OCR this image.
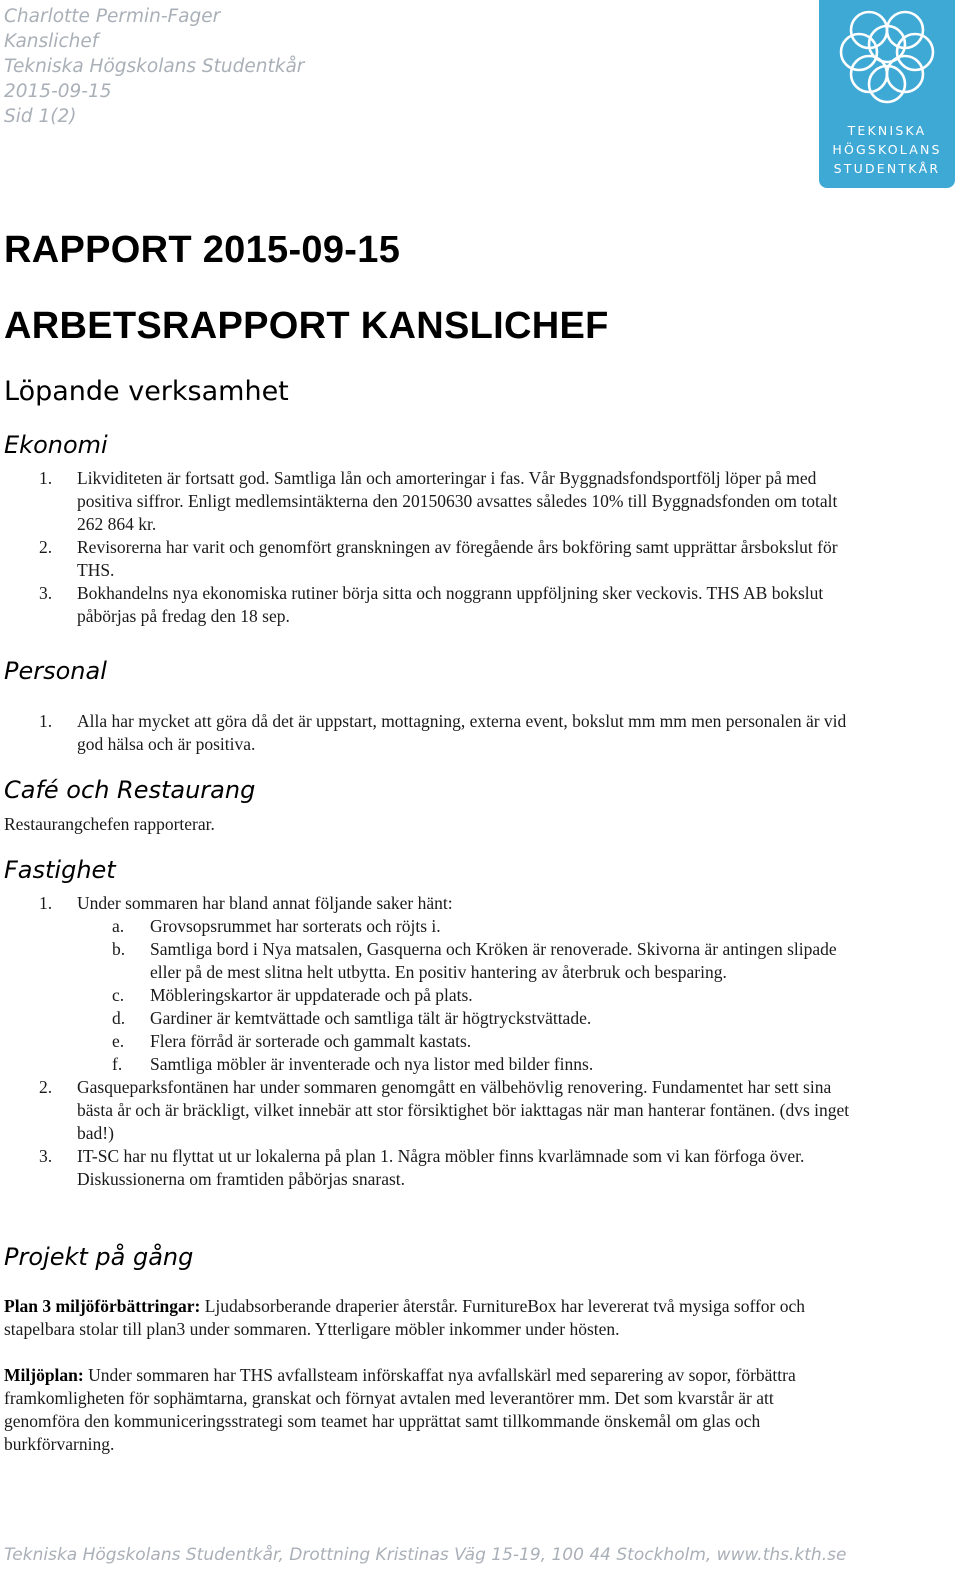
Charlotte Permin-Fager
Kanslichef
Tekniska Högskolans Studentkår
2015-09-15
Sid 1(2)
TEKNISKA
HÖGSKOLANS
STUDENTKÅR
RAPPORT 2015-09-15
ARBETSRAPPORT KANSLICHEF
Löpande verksamhet
Ekonomi
1. Likviditeten är fortsatt god. Samtliga lån och amorteringar i fas. Vår Byggnadsfondsportfölj löper på med positiva siffror. Enligt medlemsintäkterna den 20150630 avsattes således 10% till Byggnadsfonden om totalt 262 864 kr.
2. Revisorerna har varit och genomfört granskningen av föregående års bokföring samt upprättar årsbokslut för THS.
3. Bokhandelns nya ekonomiska rutiner börja sitta och noggrann uppföljning sker veckovis. THS AB bokslut påbörjas på fredag den 18 sep.
Personal
1. Alla har mycket att göra då det är uppstart, mottagning, externa event, bokslut mm mm men personalen är vid god hälsa och är positiva.
Café och Restaurang
Restaurangchefen rapporterar.
Fastighet
1. Under sommaren har bland annat följande saker hänt:
a. Grovsopsrummet har sorterats och röjts i.
b. Samtliga bord i Nya matsalen, Gasquerna och Kröken är renoverade. Skivorna är antingen slipade eller på de mest slitna helt utbytta. En positiv hantering av återbruk och besparing.
c. Möbleringskartor är uppdaterade och på plats.
d. Gardiner är kemtvättade och samtliga tält är högtryckstvättade.
e. Flera förråd är sorterade och gammalt kastats.
f. Samtliga möbler är inventerade och nya listor med bilder finns.
2. Gasqueparksfontänen har under sommaren genomgått en välbehövlig renovering. Fundamentet har sett sina bästa år och är bräckligt, vilket innebär att stor försiktighet bör iakttagas när man hanterar fontänen. (dvs inget bad!)
3. IT-SC har nu flyttat ut ur lokalerna på plan 1. Några möbler finns kvarlämnade som vi kan förfoga över. Diskussionerna om framtiden påbörjas snarast.
Projekt på gång
Plan 3 miljöförbättringar: Ljudabsorberande draperier återstår. FurnitureBox har levererat två mysiga soffor och stapelbara stolar till plan3 under sommaren. Ytterligare möbler inkommer under hösten.
Miljöplan: Under sommaren har THS avfallsteam införskaffat nya avfallskärl med separering av sopor, förbättra framkomligheten för sophämtarna, granskat och förnyat avtalen med leverantörer mm. Det som kvarstår är att genomföra den kommuniceringsstrategi som teamet har upprättat samt tillkommande önskemål om glas och burkförvarning.
Tekniska Högskolans Studentkår, Drottning Kristinas Väg 15-19, 100 44 Stockholm, www.ths.kth.se
